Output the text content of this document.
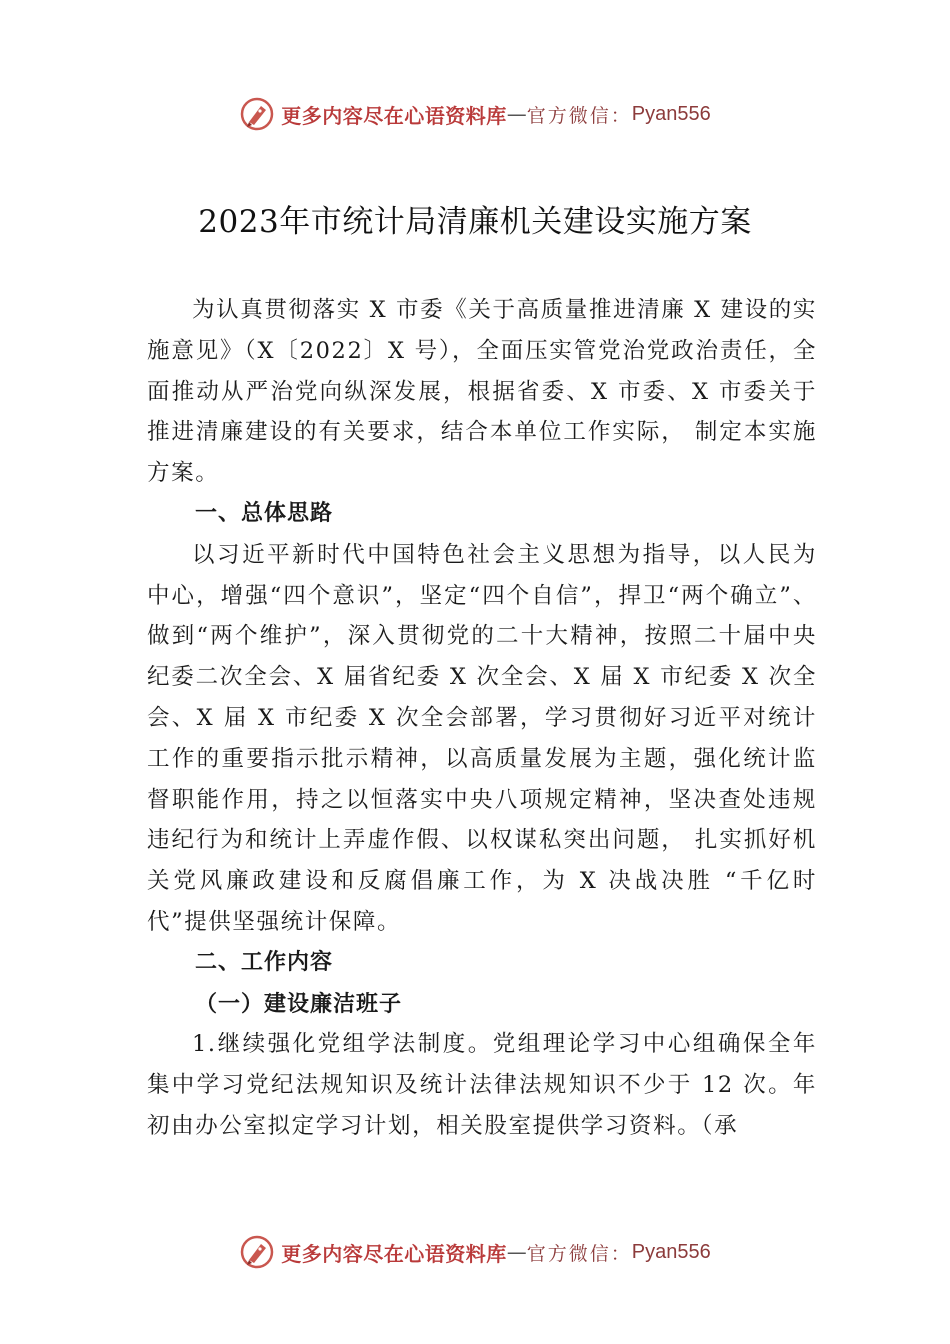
更多内容尽在心语资料库 — 官方微信： Pyan556
2023年市统计局清廉机关建设实施方案

为认真贯彻落实 X 市委《关于高质量推进清廉 X 建设的实施意见》（X〔2022〕X 号），全面压实管党治党政治责任，全面推动从严治党向纵深发展，根据省委、X 市委、X 市委关于推进清廉建设的有关要求，结合本单位工作实际， 制定本实施方案。

一、总体思路

以习近平新时代中国特色社会主义思想为指导，以人民为中心，增强“四个意识”，坚定“四个自信”，捍卫“两个确立”、做到“两个维护”，深入贯彻党的二十大精神，按照二十届中央纪委二次全会、X 届省纪委 X 次全会、X 届 X 市纪委 X 次全会、X 届 X 市纪委 X 次全会部署，学习贯彻好习近平对统计工作的重要指示批示精神，以高质量发展为主题，强化统计监督职能作用，持之以恒落实中央八项规定精神，坚决查处违规违纪行为和统计上弄虚作假、以权谋私突出问题， 扎实抓好机关党风廉政建设和反腐倡廉工作，为 X 决战决胜 “千亿时代”提供坚强统计保障。

二、工作内容

（一）建设廉洁班子

1.继续强化党组学法制度。党组理论学习中心组确保全年集中学习党纪法规知识及统计法律法规知识不少于 12 次。年初由办公室拟定学习计划，相关股室提供学习资料。（承

更多内容尽在心语资料库 — 官方微信： Pyan556
